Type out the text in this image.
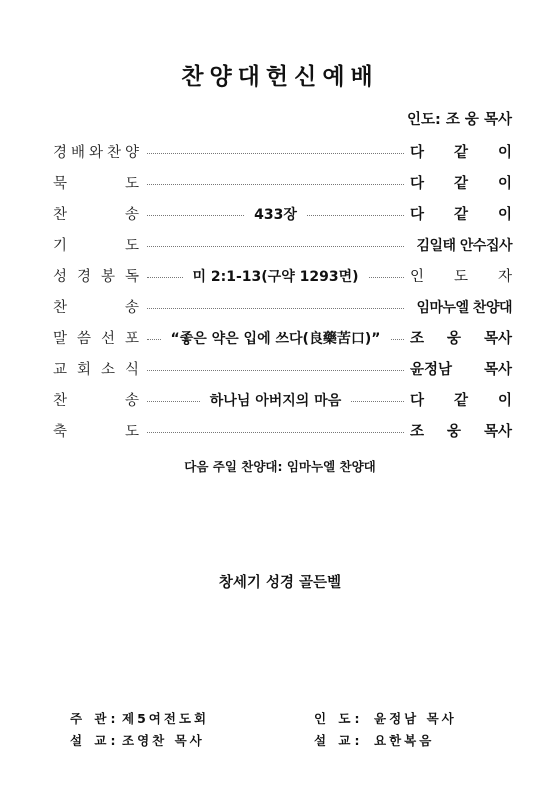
찬양대헌신예배
인도: 조 웅 목사
경 배 와 찬 양	다 같 이
묵	도	다 같 이
찬	송	433장	다 같 이
기	도	김일태 안수집사
성 경 봉 독	미 2:1-13 (구약 1293면)	인 도 자
찬	송	임마누엘 찬양대
말 씀 선 포	“좋은 약은 입에 쓰다(良藥苦口)”	조 웅 목사
교 회 소 식	윤정남 목사
찬	송	하나님 아버지의 마음	다 같 이
축	도	조 웅 목사
다음 주일 찬양대: 임마누엘 찬양대
창세기 성경 골든벨
주 관: 제5여전도회
설 교: 조영찬 목사
인 도: 윤정남 목사
설 교: 요한복음
